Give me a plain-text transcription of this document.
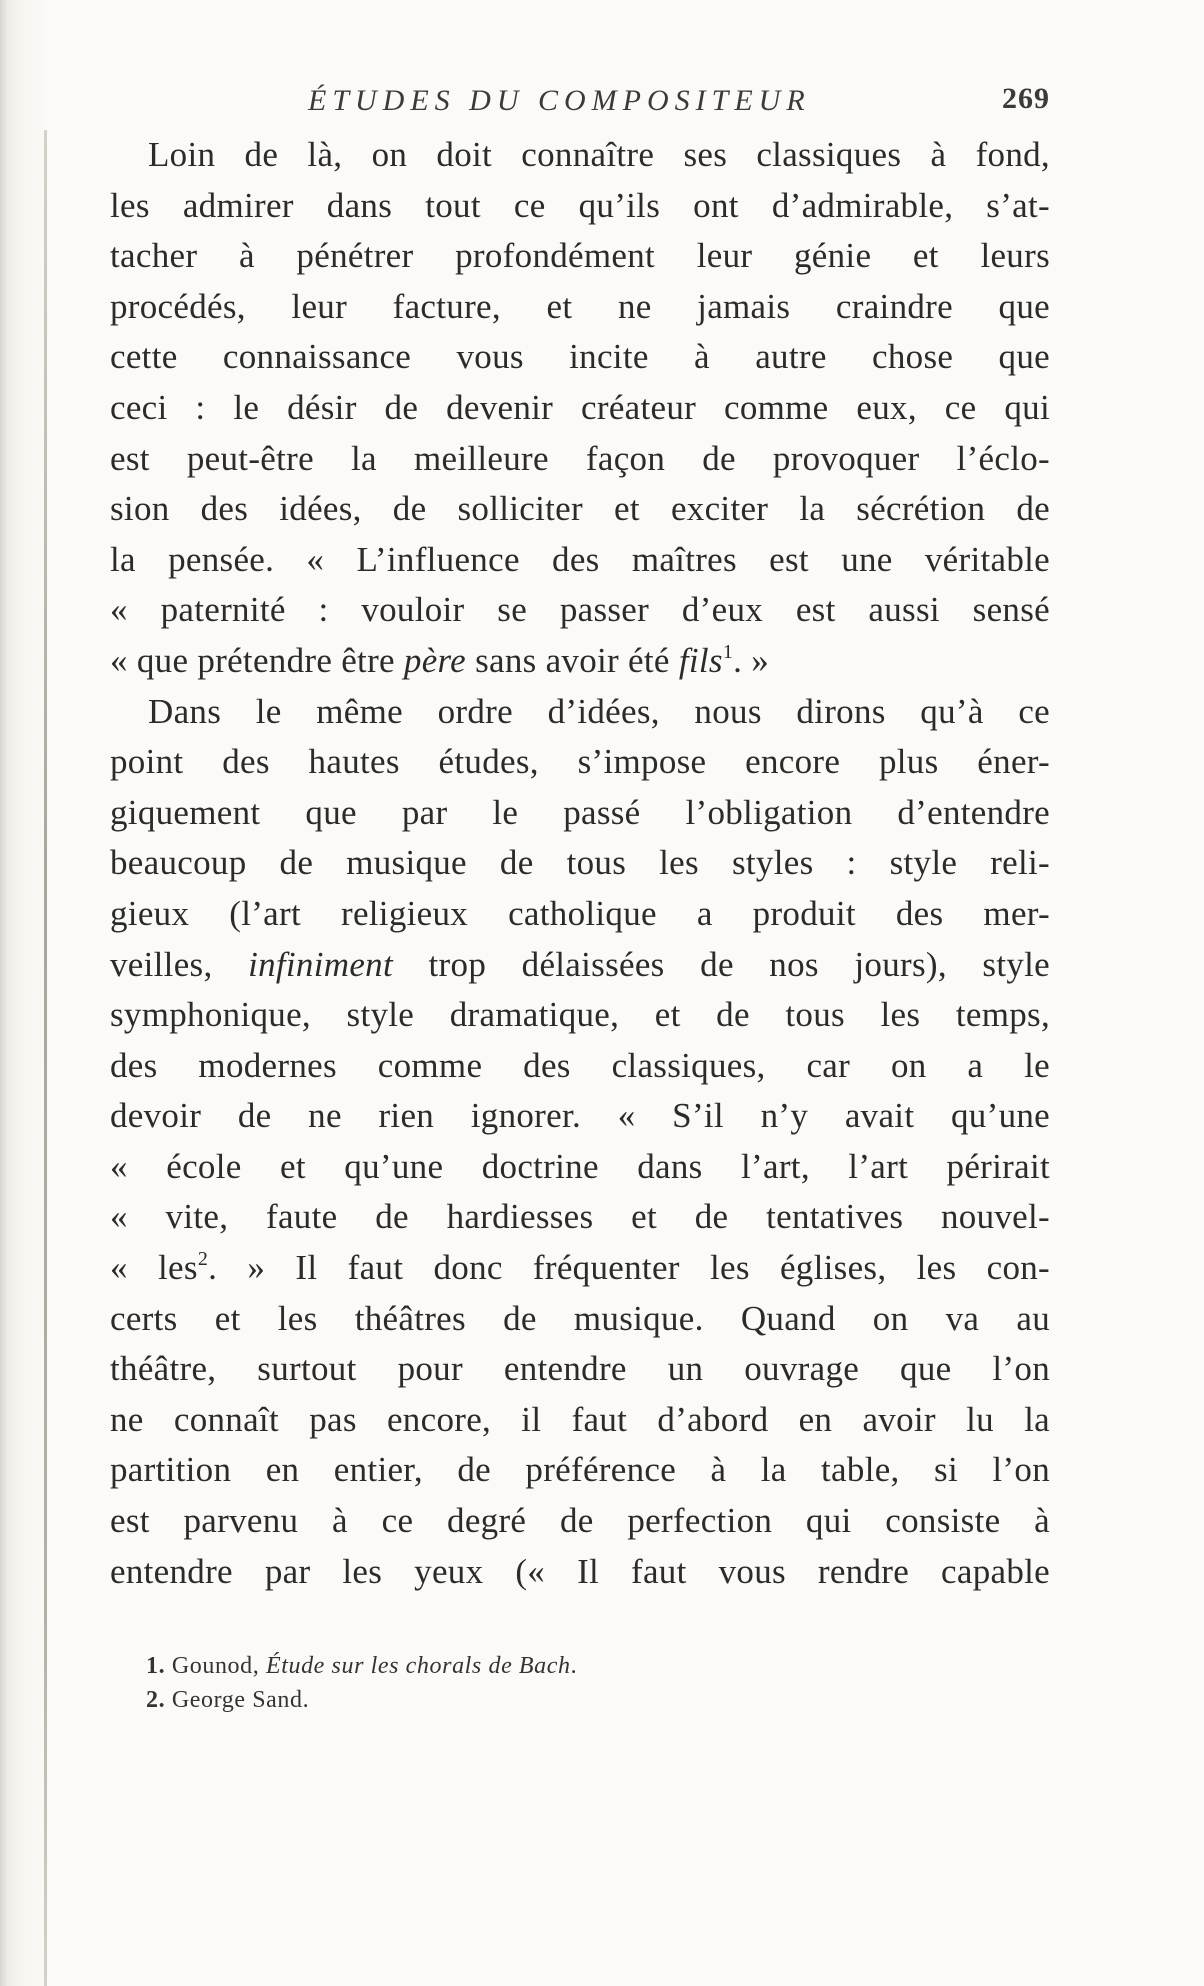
ÉTUDES DU COMPOSITEUR	269
Loin de là, on doit connaître ses classiques à fond,
les admirer dans tout ce qu’ils ont d’admirable, s’at-
tacher à pénétrer profondément leur génie et leurs
procédés, leur facture, et ne jamais craindre que
cette connaissance vous incite à autre chose que
ceci : le désir de devenir créateur comme eux, ce qui
est peut-être la meilleure façon de provoquer l’éclo-
sion des idées, de solliciter et exciter la sécrétion de
la pensée. « L’influence des maîtres est une véritable
« paternité : vouloir se passer d’eux est aussi sensé
« que prétendre être père sans avoir été fils$^1$. »
Dans le même ordre d’idées, nous dirons qu’à ce
point des hautes études, s’impose encore plus éner-
giquement que par le passé l’obligation d’entendre
beaucoup de musique de tous les styles : style reli-
gieux (l’art religieux catholique a produit des mer-
veilles, infiniment trop délaissées de nos jours), style
symphonique, style dramatique, et de tous les temps,
des modernes comme des classiques, car on a le
devoir de ne rien ignorer. « S’il n’y avait qu’une
« école et qu’une doctrine dans l’art, l’art périrait
« vite, faute de hardiesses et de tentatives nouvel-
« les$^2$. » Il faut donc fréquenter les églises, les con-
certs et les théâtres de musique. Quand on va au
théâtre, surtout pour entendre un ouvrage que l’on
ne connaît pas encore, il faut d’abord en avoir lu la
partition en entier, de préférence à la table, si l’on
est parvenu à ce degré de perfection qui consiste à
entendre par les yeux (« Il faut vous rendre capable
1. Gounod, Étude sur les chorals de Bach.
2. George Sand.
